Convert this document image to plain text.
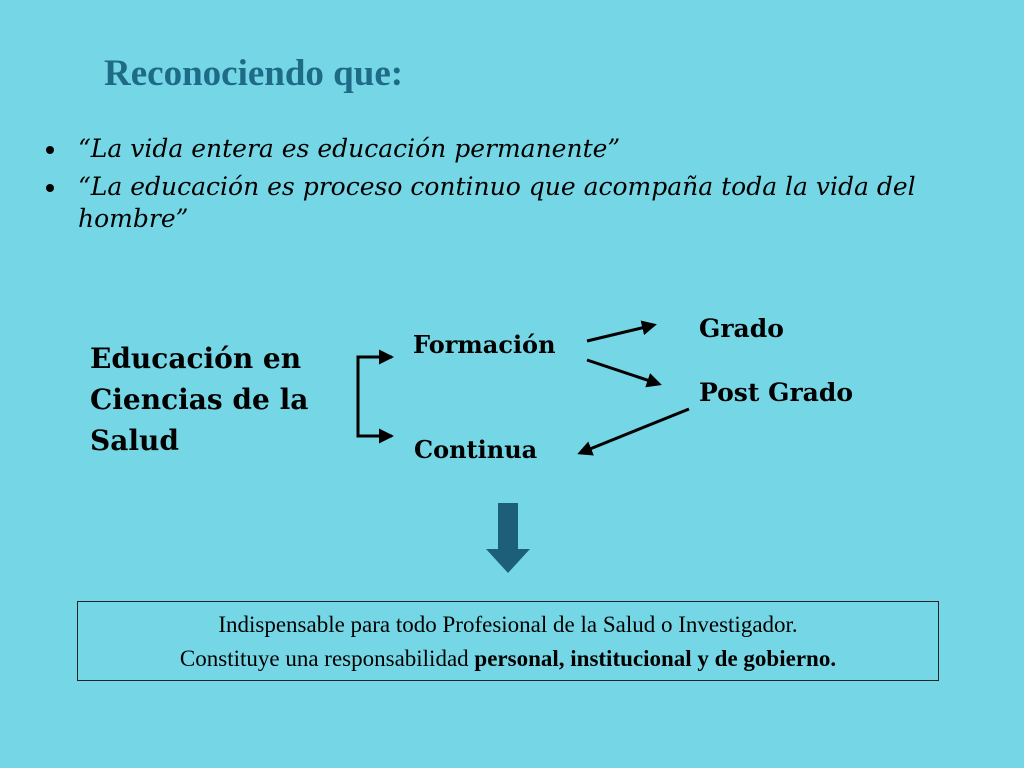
Reconociendo que:
“La vida entera es educación permanente”
“La educación es proceso continuo que acompaña toda la vida del hombre”
Educación en
Ciencias de la
Salud
Formación
Continua
Grado
Post Grado

Indispensable para todo Profesional de la Salud o Investigador.

Constituye una responsabilidad personal, institucional y de gobierno.
